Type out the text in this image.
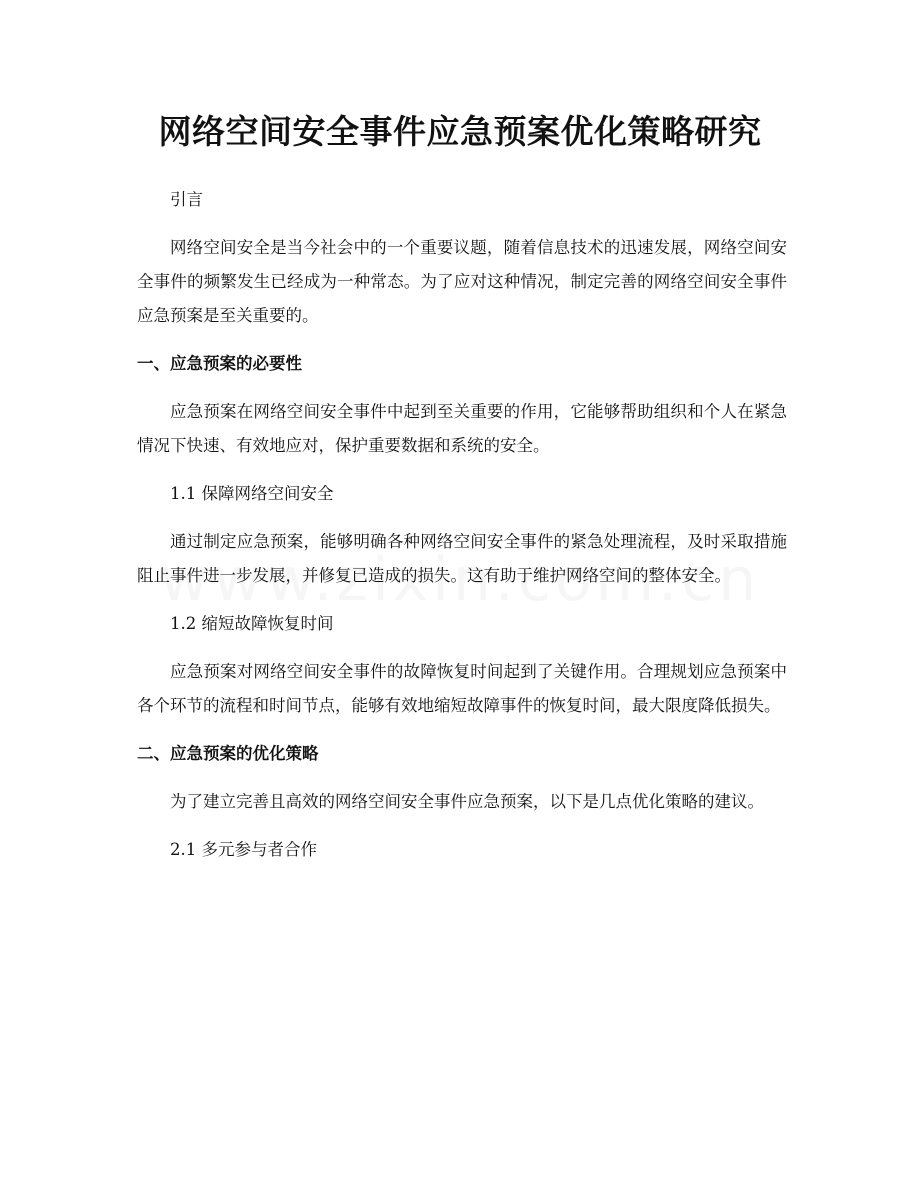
网络空间安全事件应急预案优化策略研究

引言

网络空间安全是当今社会中的一个重要议题，随着信息技术的迅速发展，网络空间安全事件的频繁发生已经成为一种常态。为了应对这种情况，制定完善的网络空间安全事件应急预案是至关重要的。

一、应急预案的必要性

应急预案在网络空间安全事件中起到至关重要的作用，它能够帮助组织和个人在紧急情况下快速、有效地应对，保护重要数据和系统的安全。

1.1 保障网络空间安全

通过制定应急预案，能够明确各种网络空间安全事件的紧急处理流程，及时采取措施阻止事件进一步发展，并修复已造成的损失。这有助于维护网络空间的整体安全。

1.2 缩短故障恢复时间

应急预案对网络空间安全事件的故障恢复时间起到了关键作用。合理规划应急预案中各个环节的流程和时间节点，能够有效地缩短故障事件的恢复时间，最大限度降低损失。

二、应急预案的优化策略

为了建立完善且高效的网络空间安全事件应急预案，以下是几点优化策略的建议。

2.1 多元参与者合作
